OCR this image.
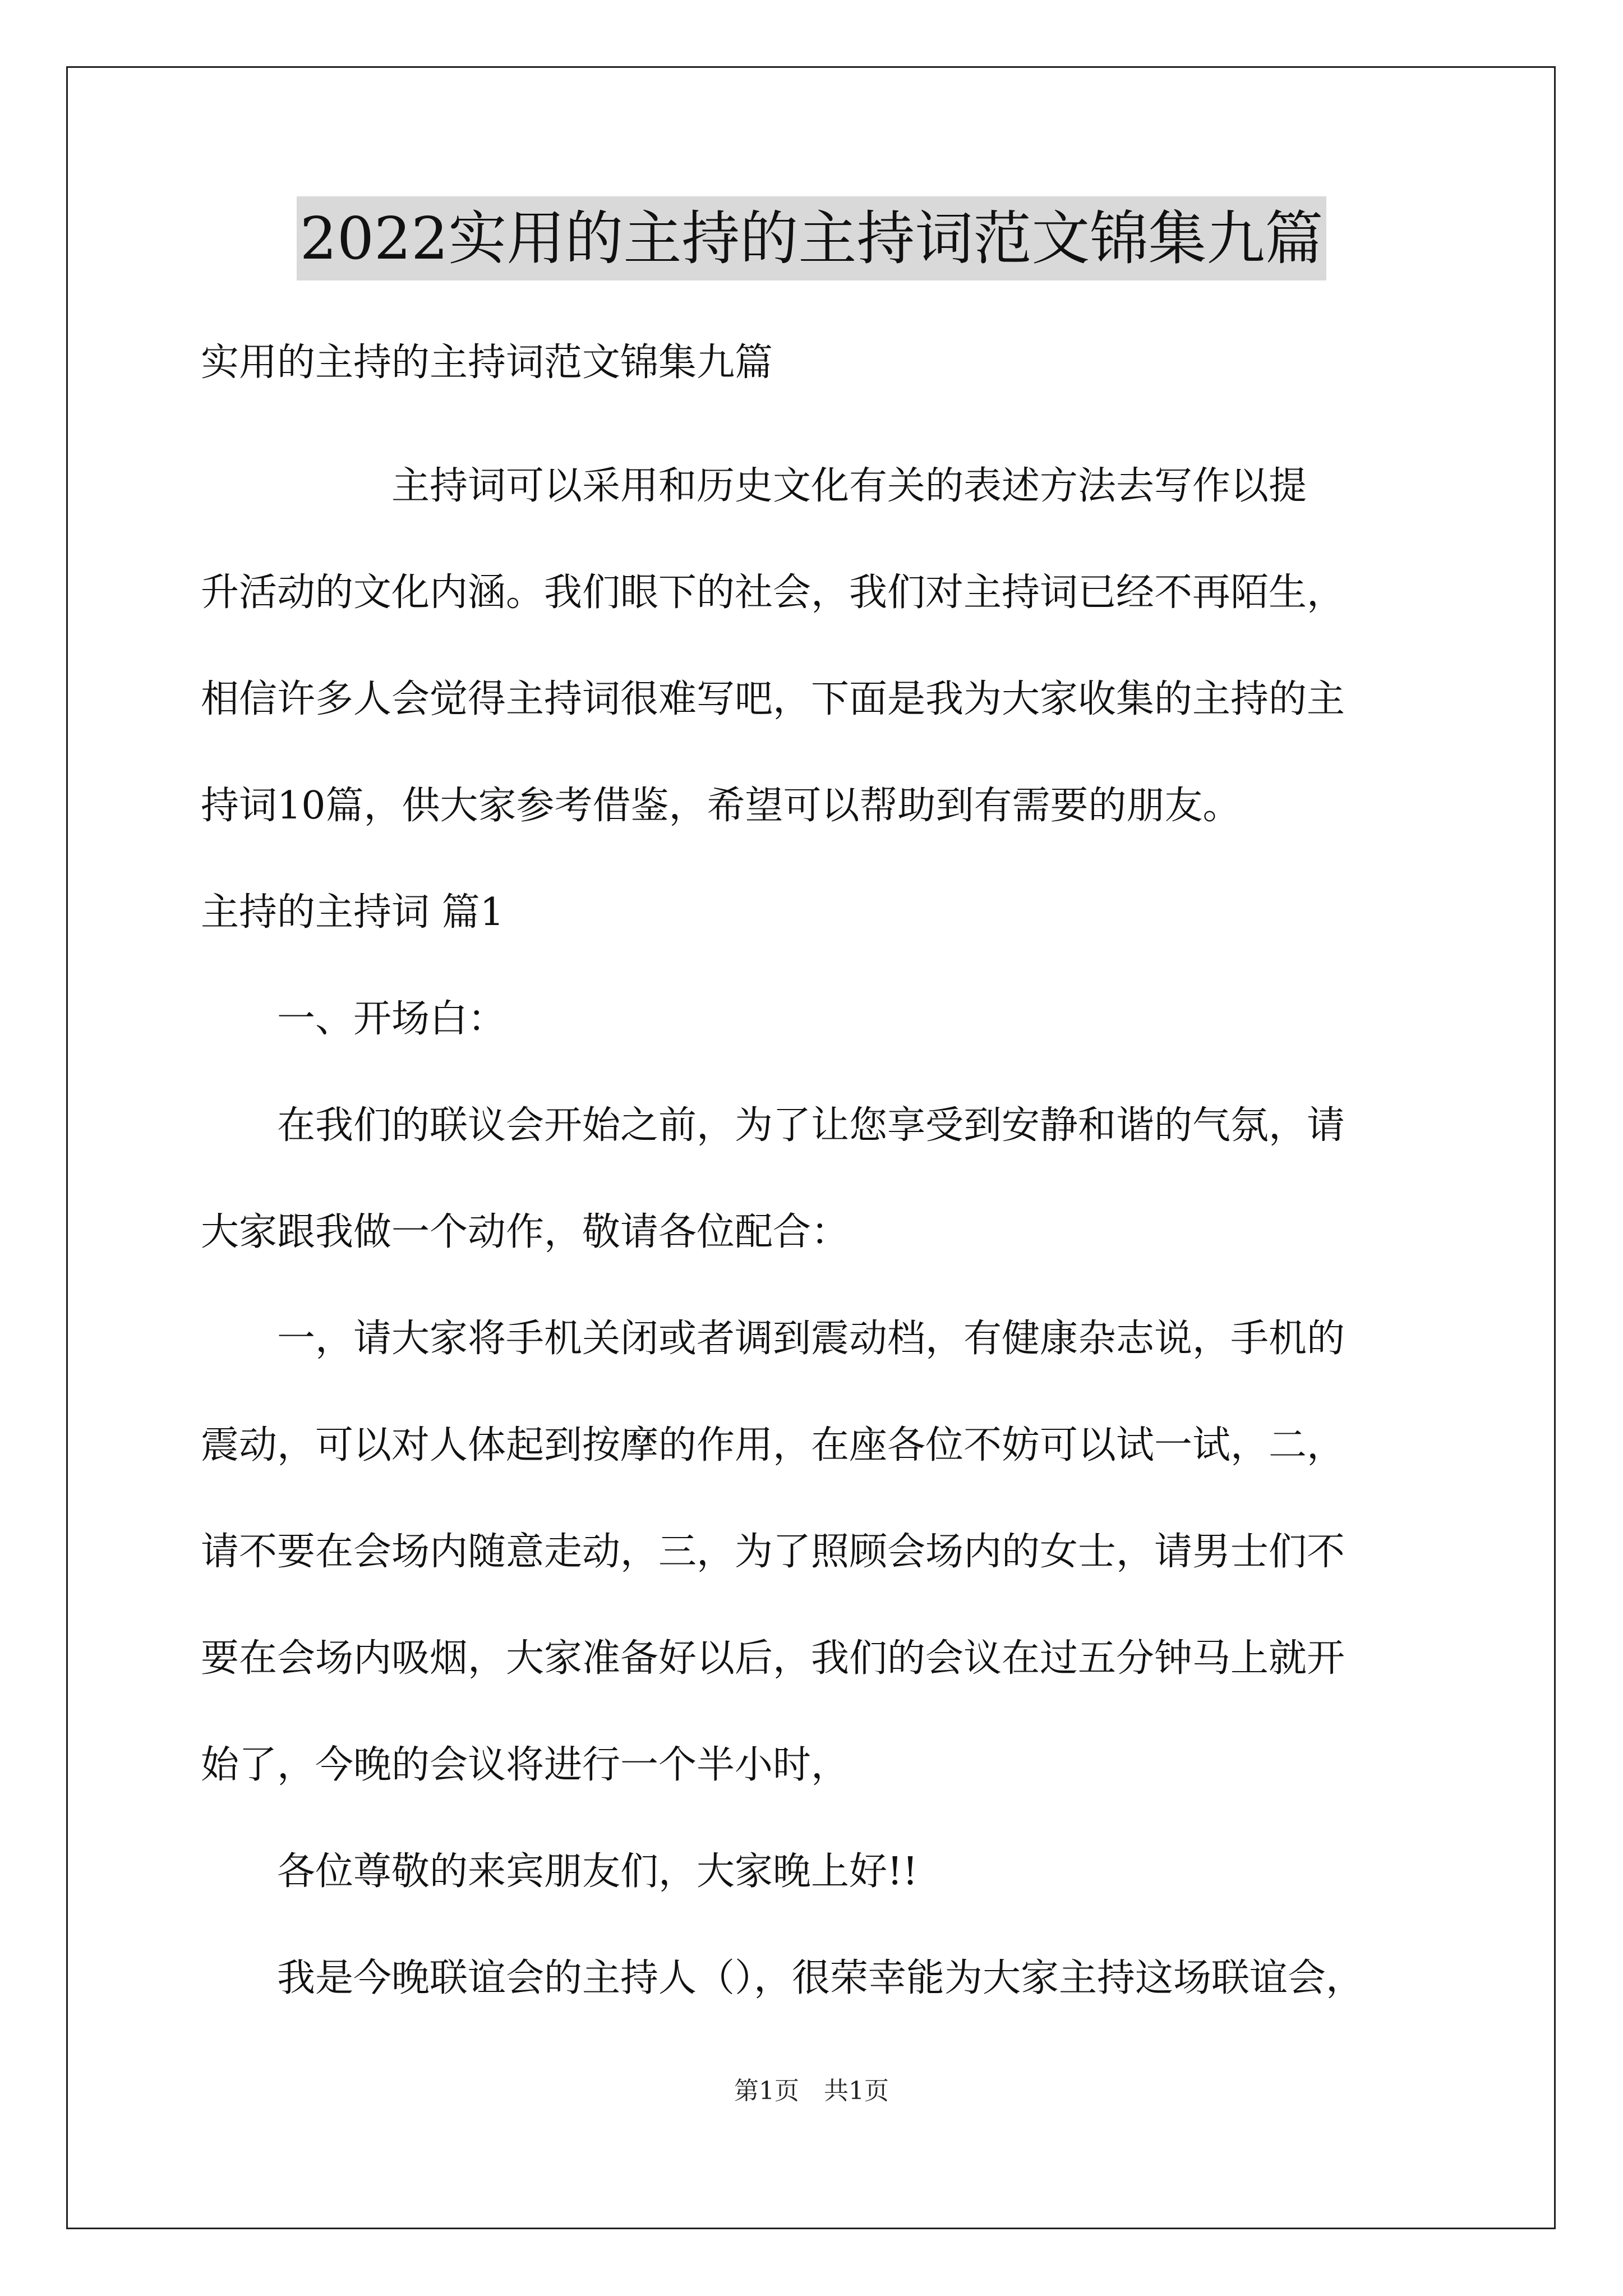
2022实用的主持的主持词范文锦集九篇
实用的主持的主持词范文锦集九篇
　　　　　主持词可以采用和历史文化有关的表述方法去写作以提
升活动的文化内涵。我们眼下的社会，我们对主持词已经不再陌生，
相信许多人会觉得主持词很难写吧，下面是我为大家收集的主持的主
持词10篇，供大家参考借鉴，希望可以帮助到有需要的朋友。
主持的主持词 篇1
　　一、开场白：
　　在我们的联议会开始之前，为了让您享受到安静和谐的气氛，请
大家跟我做一个动作，敬请各位配合：
　　一，请大家将手机关闭或者调到震动档，有健康杂志说，手机的
震动，可以对人体起到按摩的作用，在座各位不妨可以试一试，二，
请不要在会场内随意走动，三，为了照顾会场内的女士，请男士们不
要在会场内吸烟，大家准备好以后，我们的会议在过五分钟马上就开
始了，今晚的会议将进行一个半小时，
　　各位尊敬的来宾朋友们，大家晚上好!!
　　我是今晚联谊会的主持人（），很荣幸能为大家主持这场联谊会，
第1页　共1页
